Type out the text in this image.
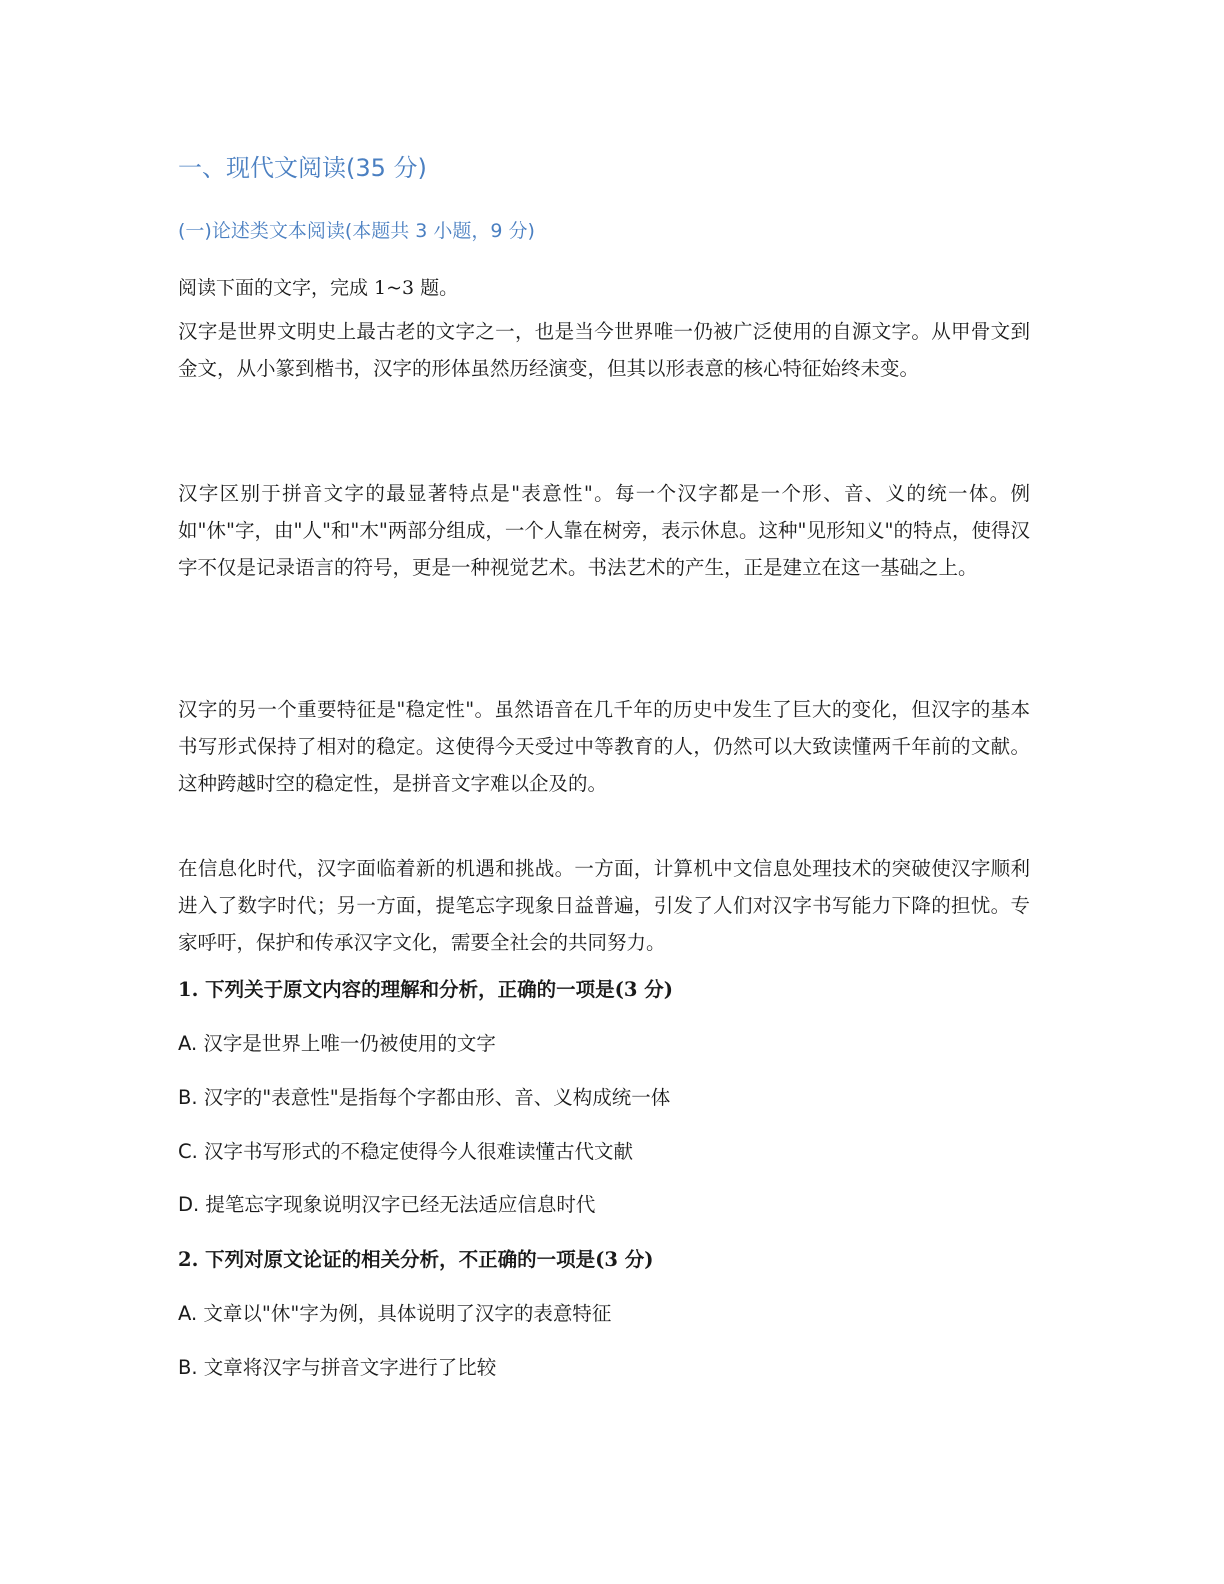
一、现代文阅读(35 分)
(一)论述类文本阅读(本题共 3 小题，9 分)
阅读下面的文字，完成 1~3 题。

汉字是世界文明史上最古老的文字之一，也是当今世界唯一仍被广泛使用的自源文字。从甲骨文到金文，从小篆到楷书，汉字的形体虽然历经演变，但其以形表意的核心特征始终未变。

汉字区别于拼音文字的最显著特点是"表意性"。每一个汉字都是一个形、音、义的统一体。例如"休"字，由"人"和"木"两部分组成，一个人靠在树旁，表示休息。这种"见形知义"的特点，使得汉字不仅是记录语言的符号，更是一种视觉艺术。书法艺术的产生，正是建立在这一基础之上。

汉字的另一个重要特征是"稳定性"。虽然语音在几千年的历史中发生了巨大的变化，但汉字的基本书写形式保持了相对的稳定。这使得今天受过中等教育的人，仍然可以大致读懂两千年前的文献。这种跨越时空的稳定性，是拼音文字难以企及的。

在信息化时代，汉字面临着新的机遇和挑战。一方面，计算机中文信息处理技术的突破使汉字顺利进入了数字时代；另一方面，提笔忘字现象日益普遍，引发了人们对汉字书写能力下降的担忧。专家呼吁，保护和传承汉字文化，需要全社会的共同努力。

1. 下列关于原文内容的理解和分析，正确的一项是(3 分)
A. 汉字是世界上唯一仍被使用的文字
B. 汉字的"表意性"是指每个字都由形、音、义构成统一体
C. 汉字书写形式的不稳定使得今人很难读懂古代文献
D. 提笔忘字现象说明汉字已经无法适应信息时代
2. 下列对原文论证的相关分析，不正确的一项是(3 分)
A. 文章以"休"字为例，具体说明了汉字的表意特征
B. 文章将汉字与拼音文字进行了比较
